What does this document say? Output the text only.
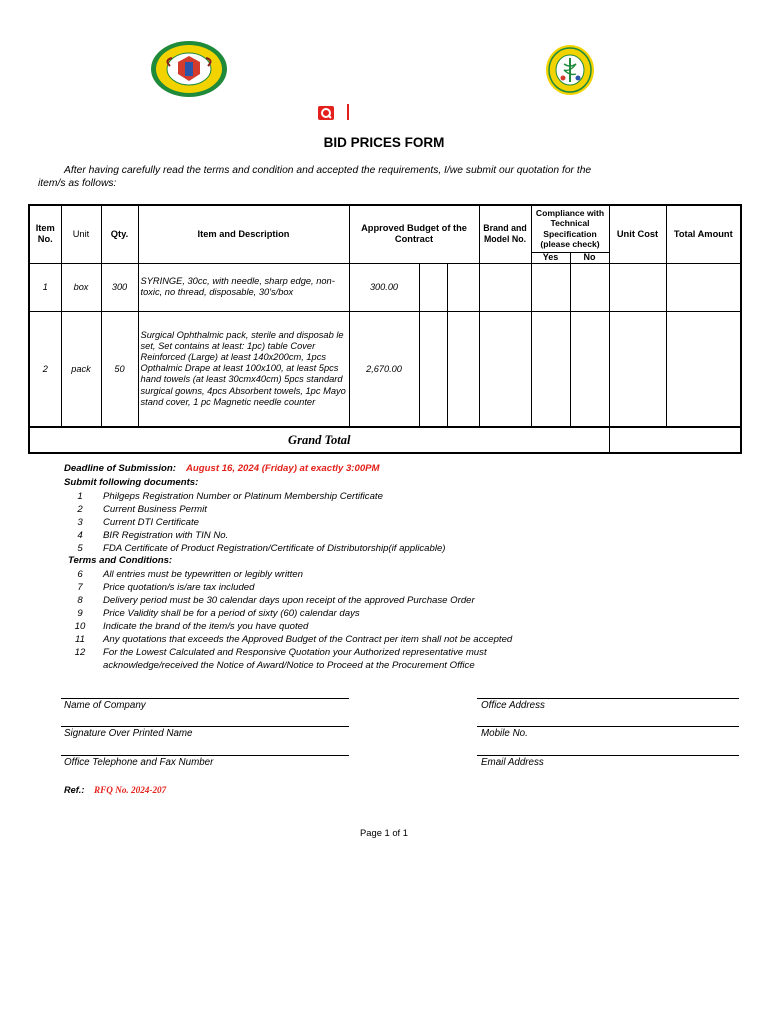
BID PRICES FORM
After having carefully read the terms and condition and accepted the requirements, I/we submit our quotation for the
item/s as follows:
Item No.	Unit	Qty.	Item and Description	Approved Budget of the Contract			Brand and Model No.	Compliance with Technical Specification (please check)		Unit Cost	Total Amount
								Yes	No		
1	box	300	SYRINGE, 30cc, with needle, sharp edge, non-toxic, no thread, disposable, 30's/box	300.00							
2	pack	50	Surgical Ophthalmic pack, sterile and disposab le set, Set contains at least: 1pc) table Cover Reinforced (Large) at least 140x200cm, 1pcs Opthalmic Drape at least 100x100, at least 5pcs hand towels (at least 30cmx40cm) 5pcs standard surgical gowns, 4pcs Absorbent towels, 1pc Mayo stand cover, 1 pc Magnetic needle counter	2,670.00							
Grand Total											
Deadline of Submission: August 16, 2024 (Friday) at exactly 3:00PM
Submit following documents:
1	Philgeps Registration Number or Platinum Membership Certificate
2	Current Business Permit
3	Current DTI Certificate
4	BIR Registration with TIN No.
5	FDA Certificate of Product Registration/Certificate of Distributorship(if applicable)
Terms and Conditions:
6	All entries must be typewritten or legibly written
7	Price quotation/s is/are tax included
8	Delivery period must be 30 calendar days upon receipt of the approved Purchase Order
9	Price Validity shall be for a period of sixty (60) calendar days
10	Indicate the brand of the item/s you have quoted
11	Any quotations that exceeds the Approved Budget of the Contract per item shall not be accepted
12	For the Lowest Calculated and Responsive Quotation your Authorized representative must
acknowledge/received the Notice of Award/Notice to Proceed at the Procurement Office
Name of Company	Office Address
Signature Over Printed Name	Mobile No.
Office Telephone and Fax Number	Email Address
Ref.: RFQ No. 2024-207
Page 1 of 1
